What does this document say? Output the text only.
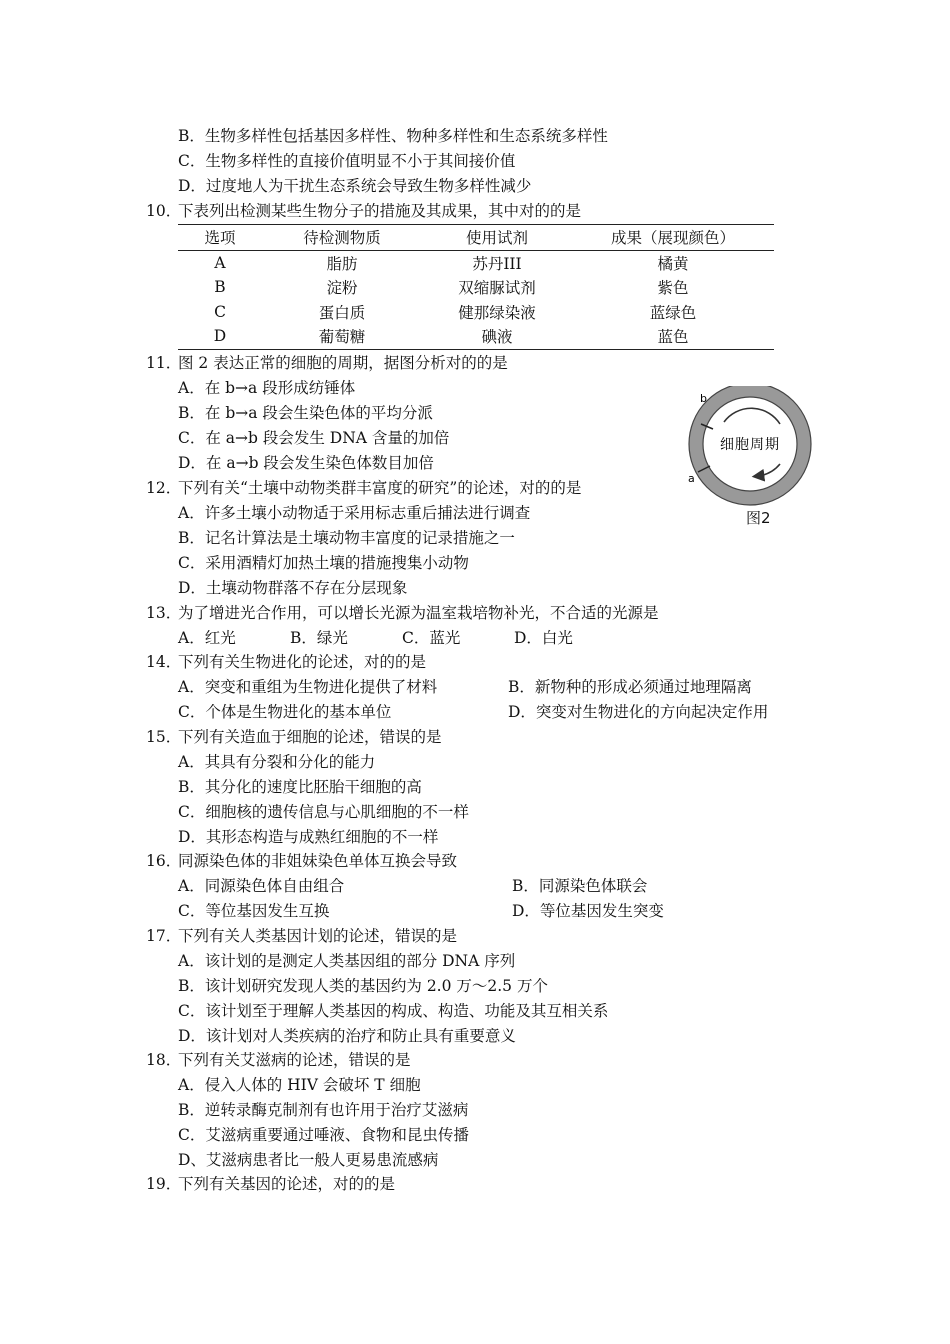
B．生物多样性包括基因多样性、物种多样性和生态系统多样性
C．生物多样性的直接价值明显不小于其间接价值
D．过度地人为干扰生态系统会导致生物多样性减少
10．
下表列出检测某些生物分子的措施及其成果，其中对的的是
选项	待检测物质	使用试剂	成果（展现颜色）
A	脂肪	苏丹III	橘黄
B	淀粉	双缩脲试剂	紫色
C	蛋白质	健那绿染液	蓝绿色
D	葡萄糖	碘液	蓝色
11．
图 2 表达正常的细胞的周期，据图分析对的的是
A．在 b→a 段形成纺锤体
B．在 b→a 段会生染色体的平均分派
C．在 a→b 段会发生 DNA 含量的加倍
D．在 a→b 段会发生染色体数目加倍
b
a
细胞周期
图2
12．
下列有关“土壤中动物类群丰富度的研究”的论述，对的的是
A．许多土壤小动物适于采用标志重后捕法进行调查
B．记名计算法是土壤动物丰富度的记录措施之一
C．采用酒精灯加热土壤的措施搜集小动物
D．土壤动物群落不存在分层现象
13．
为了增进光合作用，可以增长光源为温室栽培物补光，不合适的光源是
A．红光	B．绿光	C．蓝光	D．白光
14．
下列有关生物进化的论述，对的的是
A．突变和重组为生物进化提供了材料	B．新物种的形成必须通过地理隔离
C．个体是生物进化的基本单位	D．突变对生物进化的方向起决定作用
15．
下列有关造血于细胞的论述，错误的是
A．其具有分裂和分化的能力
B．其分化的速度比胚胎干细胞的高
C．细胞核的遗传信息与心肌细胞的不一样
D．其形态构造与成熟红细胞的不一样
16．
同源染色体的非姐妹染色单体互换会导致
A．同源染色体自由组合	B．同源染色体联会
C．等位基因发生互换	D．等位基因发生突变
17．
下列有关人类基因计划的论述，错误的是
A．该计划的是测定人类基因组的部分 DNA 序列
B．该计划研究发现人类的基因约为 2.0 万～2.5 万个
C．该计划至于理解人类基因的构成、构造、功能及其互相关系
D．该计划对人类疾病的治疗和防止具有重要意义
18．
下列有关艾滋病的论述，错误的是
A．侵入人体的 HIV 会破坏 T 细胞
B．逆转录酶克制剂有也许用于治疗艾滋病
C．艾滋病重要通过唾液、食物和昆虫传播
D、艾滋病患者比一般人更易患流感病
19．
下列有关基因的论述，对的的是
